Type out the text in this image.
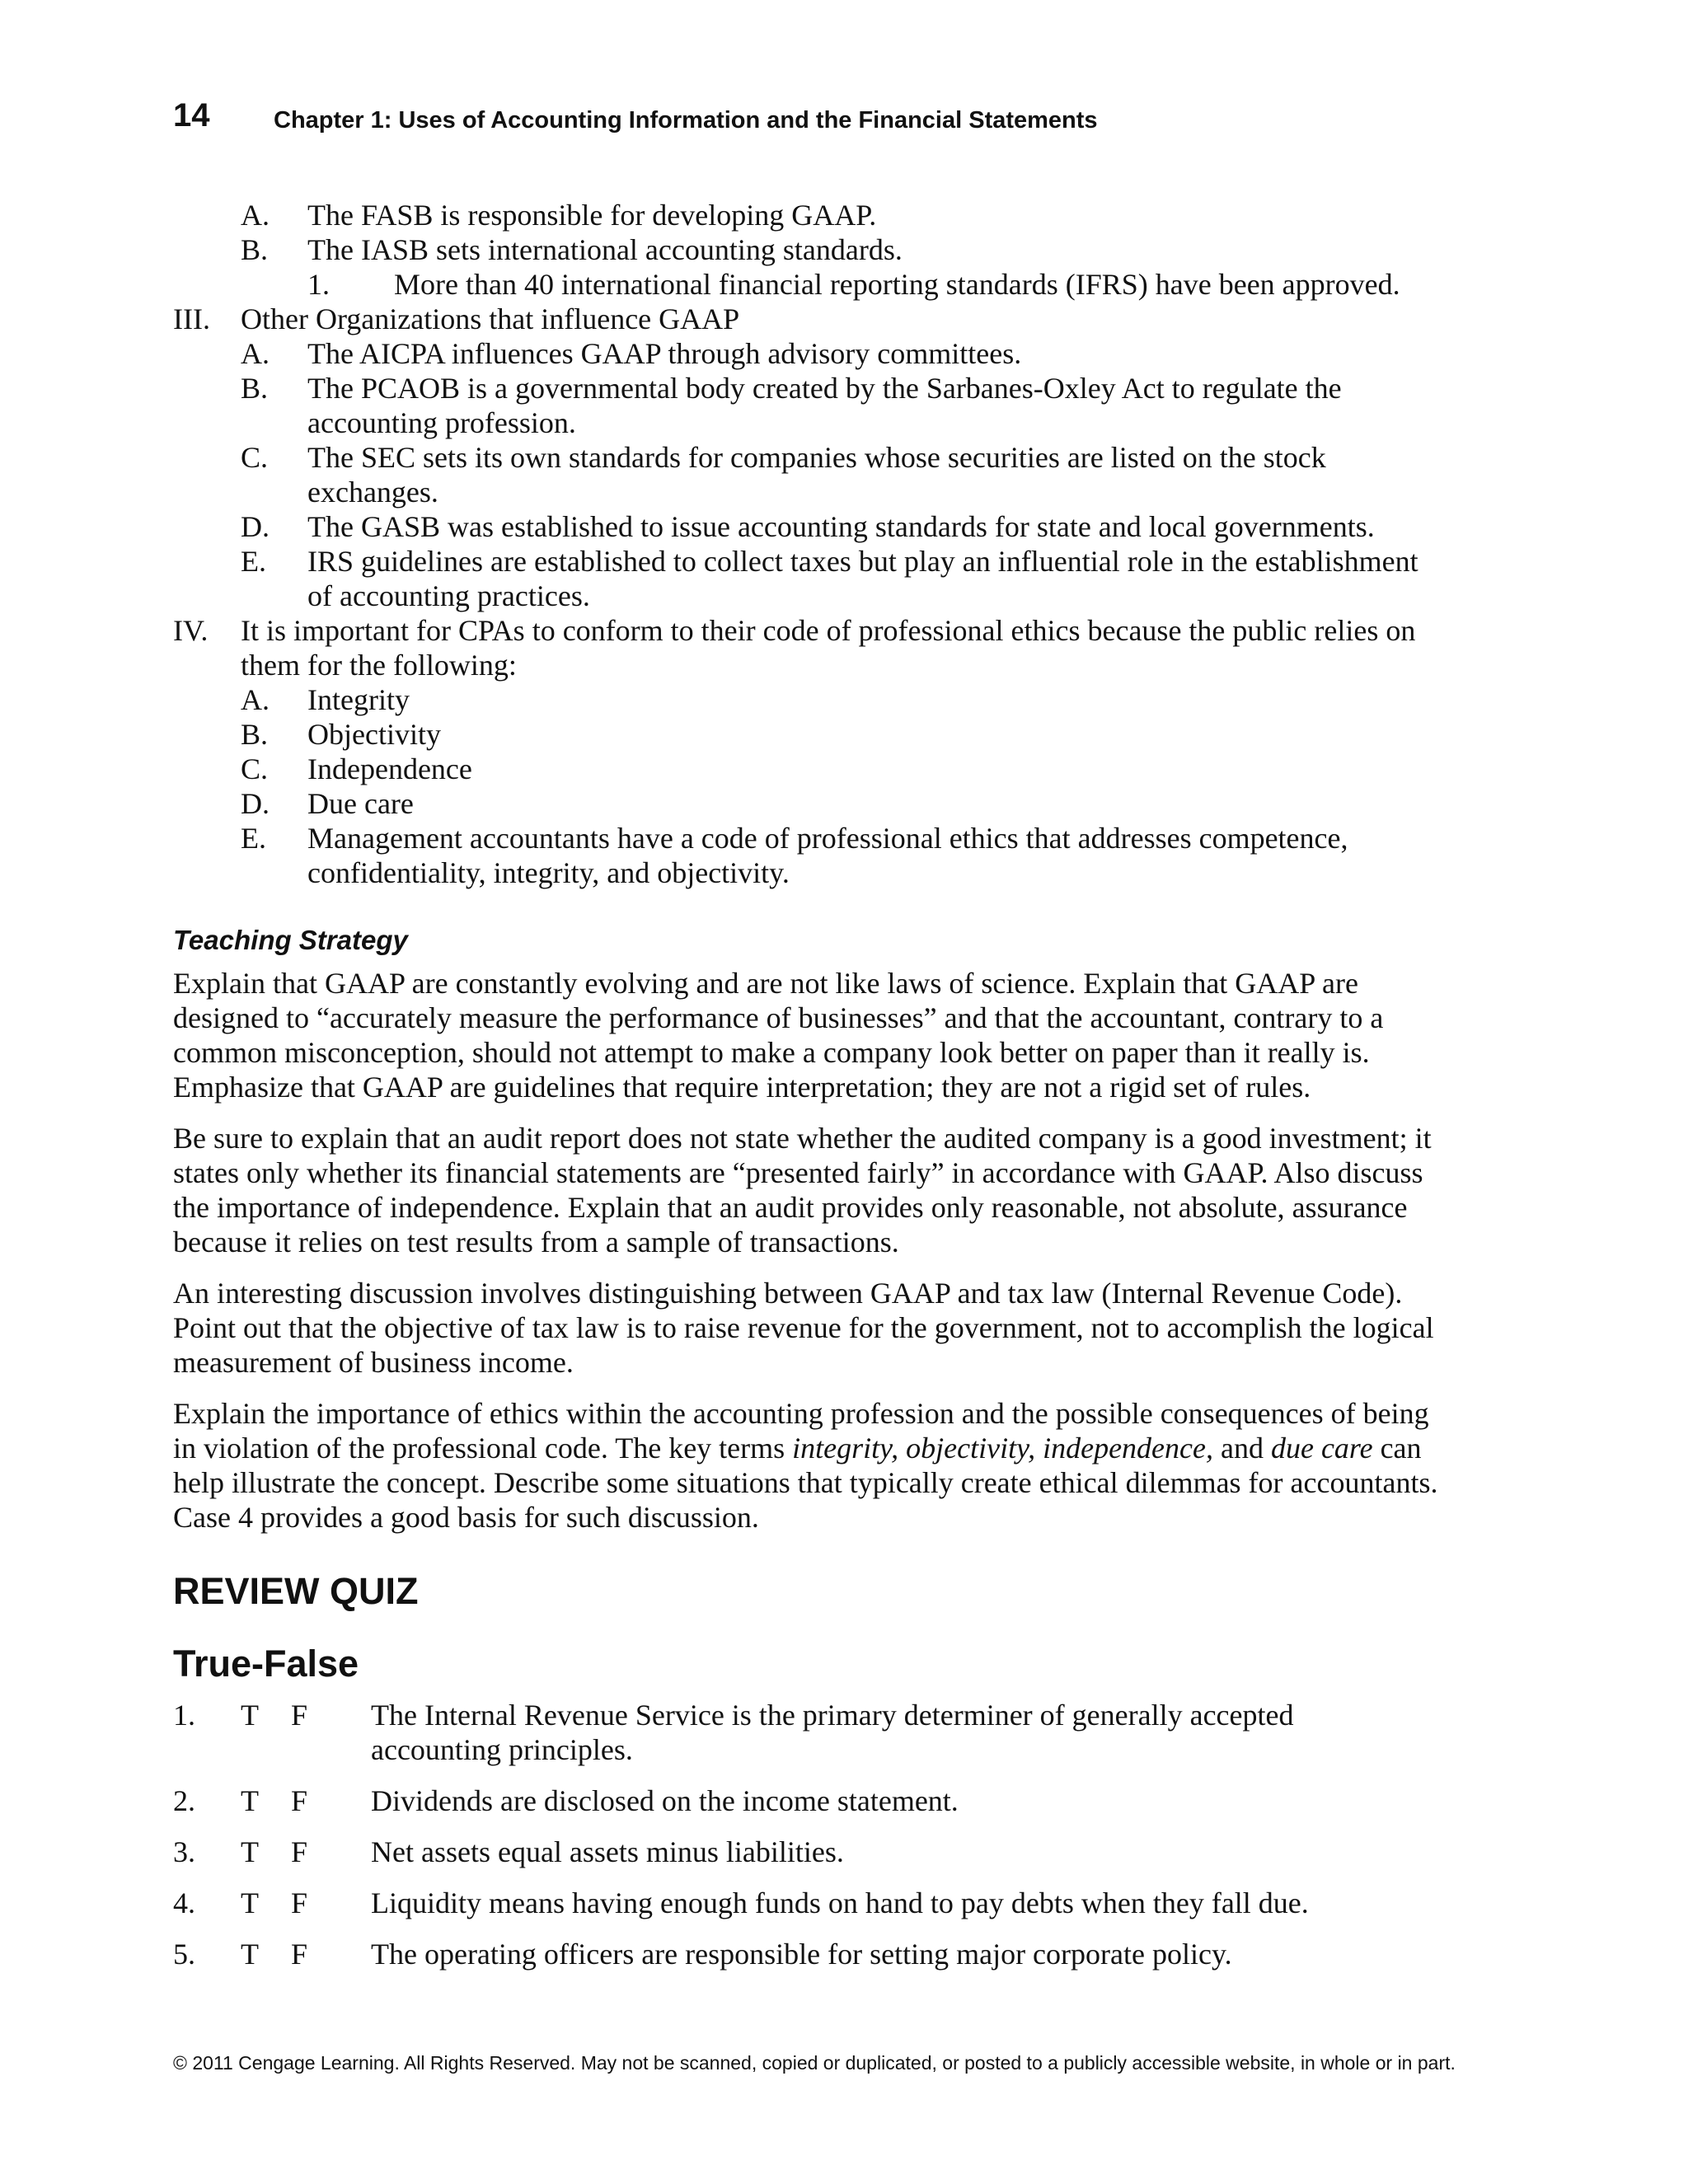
14	Chapter 1: Uses of Accounting Information and the Financial Statements
A. The FASB is responsible for developing GAAP.
B. The IASB sets international accounting standards.
1. More than 40 international financial reporting standards (IFRS) have been approved.
III. Other Organizations that influence GAAP
A. The AICPA influences GAAP through advisory committees.
B. The PCAOB is a governmental body created by the Sarbanes-Oxley Act to regulate the accounting profession.
C. The SEC sets its own standards for companies whose securities are listed on the stock exchanges.
D. The GASB was established to issue accounting standards for state and local governments.
E. IRS guidelines are established to collect taxes but play an influential role in the establishment of accounting practices.
IV. It is important for CPAs to conform to their code of professional ethics because the public relies on them for the following:
A. Integrity
B. Objectivity
C. Independence
D. Due care
E. Management accountants have a code of professional ethics that addresses competence, confidentiality, integrity, and objectivity.
Teaching Strategy

Explain that GAAP are constantly evolving and are not like laws of science. Explain that GAAP are designed to “accurately measure the performance of businesses” and that the accountant, contrary to a common misconception, should not attempt to make a company look better on paper than it really is. Emphasize that GAAP are guidelines that require interpretation; they are not a rigid set of rules.

Be sure to explain that an audit report does not state whether the audited company is a good investment; it states only whether its financial statements are “presented fairly” in accordance with GAAP. Also discuss the importance of independence. Explain that an audit provides only reasonable, not absolute, assurance because it relies on test results from a sample of transactions.

An interesting discussion involves distinguishing between GAAP and tax law (Internal Revenue Code). Point out that the objective of tax law is to raise revenue for the government, not to accomplish the logical measurement of business income.

Explain the importance of ethics within the accounting profession and the possible consequences of being in violation of the professional code. The key terms integrity, objectivity, independence, and due care can help illustrate the concept. Describe some situations that typically create ethical dilemmas for accountants. Case 4 provides a good basis for such discussion.

REVIEW QUIZ
True-False
1. T F The Internal Revenue Service is the primary determiner of generally accepted accounting principles.
2. T F Dividends are disclosed on the income statement.
3. T F Net assets equal assets minus liabilities.
4. T F Liquidity means having enough funds on hand to pay debts when they fall due.
5. T F The operating officers are responsible for setting major corporate policy.
© 2011 Cengage Learning. All Rights Reserved. May not be scanned, copied or duplicated, or posted to a publicly accessible website, in whole or in part.
